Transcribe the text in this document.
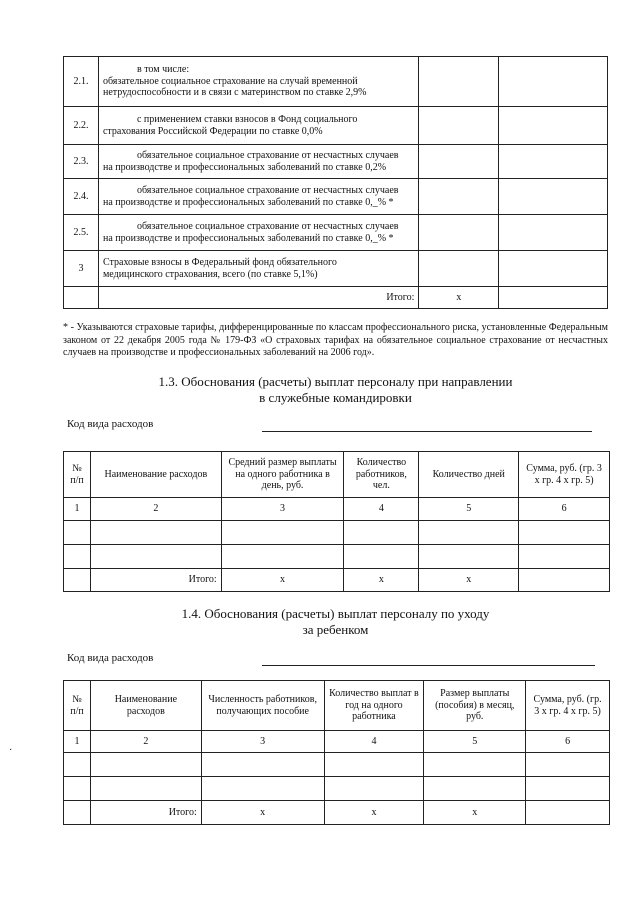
2.1.	в том числе:
обязательное социальное страхование на случай временной
нетрудоспособности и в связи с материнством по ставке 2,9%		
2.2.	с применением ставки взносов в Фонд социального
страхования Российской Федерации по ставке 0,0%		
2.3.	обязательное социальное страхование от несчастных случаев
на производстве и профессиональных заболеваний по ставке 0,2%		
2.4.	обязательное социальное страхование от несчастных случаев
на производстве и профессиональных заболеваний по ставке 0,_% *		
2.5.	обязательное социальное страхование от несчастных случаев
на производстве и профессиональных заболеваний по ставке 0,_% *		
3	Страховые взносы в Федеральный фонд обязательного
медицинского страхования, всего (по ставке 5,1%)		
	Итого:	х	

* - Указываются страховые тарифы, дифференцированные по классам профессионального риска, установленные Федеральным законом от 22 декабря 2005 года № 179-ФЗ «О страховых тарифах на обязательное социальное страхование от несчастных случаев на производстве и профессиональных заболеваний на 2006 год».

1.3. Обоснования (расчеты) выплат персоналу при направлении
в служебные командировки

Код вида расходов
№ п/п	Наименование расходов	Средний размер выплаты на одного работника в день, руб.	Количество работников, чел.	Количество дней	Сумма, руб. (гр. 3 х гр. 4 х гр. 5)
1	2	3	4	5	6

	Итого:	х	х	х	

1.4. Обоснования (расчеты) выплат персоналу по уходу
за ребенком

Код вида расходов
№ п/п	Наименование расходов	Численность работников, получающих пособие	Количество выплат в год на одного работника	Размер выплаты (пособия) в месяц, руб.	Сумма, руб. (гр. 3 х гр. 4 х гр. 5)
1	2	3	4	5	6

	Итого:	х	х	х	
·
